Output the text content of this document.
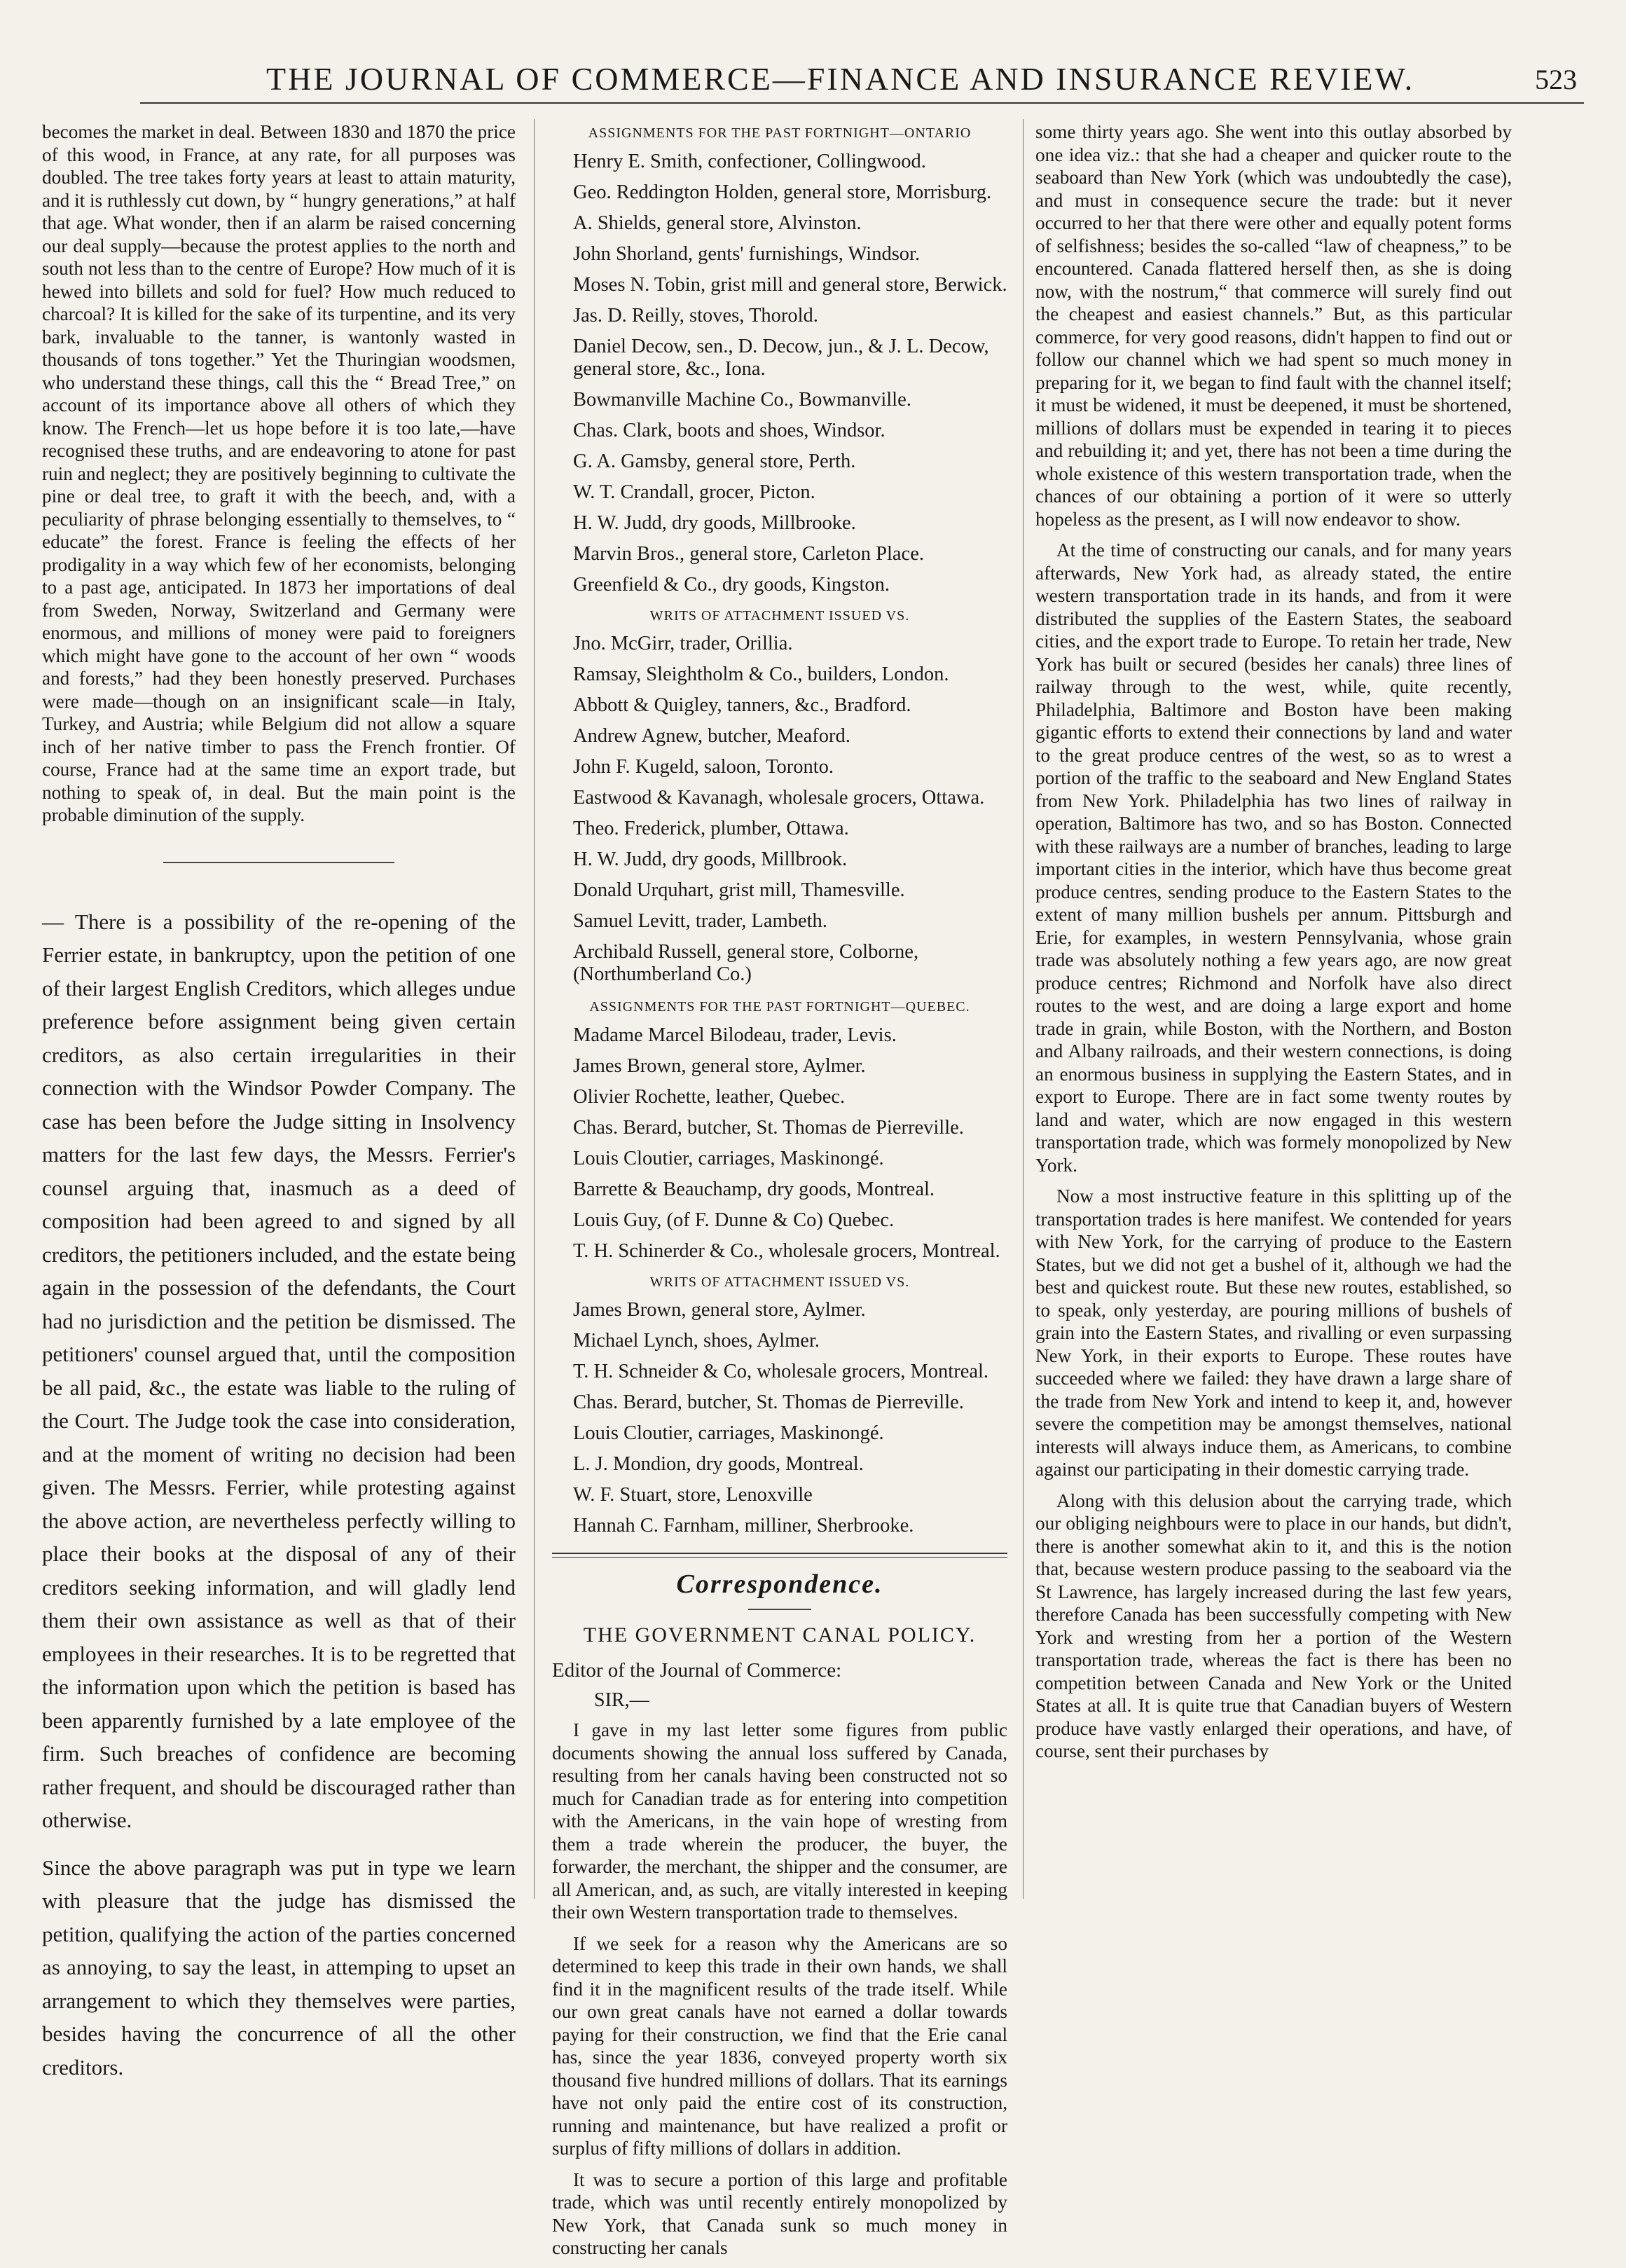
THE JOURNAL OF COMMERCE—FINANCE AND INSURANCE REVIEW.	523

becomes the market in deal. Between 1830 and 1870 the price of this wood, in France, at any rate, for all purposes was doubled. The tree takes forty years at least to attain maturity, and it is ruthlessly cut down, by “ hungry generations,” at half that age. What wonder, then if an alarm be raised concerning our deal supply—because the protest applies to the north and south not less than to the centre of Europe? How much of it is hewed into billets and sold for fuel? How much reduced to charcoal? It is killed for the sake of its turpentine, and its very bark, invaluable to the tanner, is wantonly wasted in thousands of tons together.” Yet the Thuringian woodsmen, who understand these things, call this the “ Bread Tree,” on account of its importance above all others of which they know. The French—let us hope before it is too late,—have recognised these truths, and are endeavoring to atone for past ruin and neglect; they are positively beginning to cultivate the pine or deal tree, to graft it with the beech, and, with a peculiarity of phrase belonging essentially to themselves, to “ educate” the forest. France is feeling the effects of her prodigality in a way which few of her economists, belonging to a past age, anticipated. In 1873 her importations of deal from Sweden, Norway, Switzerland and Germany were enormous, and millions of money were paid to foreigners which might have gone to the account of her own “ woods and forests,” had they been honestly preserved. Purchases were made—though on an insignificant scale—in Italy, Turkey, and Austria; while Belgium did not allow a square inch of her native timber to pass the French frontier. Of course, France had at the same time an export trade, but nothing to speak of, in deal. But the main point is the probable diminution of the supply.

— There is a possibility of the re-opening of the Ferrier estate, in bankruptcy, upon the petition of one of their largest English Creditors, which alleges undue preference before assignment being given certain creditors, as also certain irregularities in their connection with the Windsor Powder Company. The case has been before the Judge sitting in Insolvency matters for the last few days, the Messrs. Ferrier's counsel arguing that, inasmuch as a deed of composition had been agreed to and signed by all creditors, the petitioners included, and the estate being again in the possession of the defendants, the Court had no jurisdiction and the petition be dismissed. The petitioners' counsel argued that, until the composition be all paid, &c., the estate was liable to the ruling of the Court. The Judge took the case into consideration, and at the moment of writing no decision had been given. The Messrs. Ferrier, while protesting against the above action, are nevertheless perfectly willing to place their books at the disposal of any of their creditors seeking information, and will gladly lend them their own assistance as well as that of their employees in their researches. It is to be regretted that the information upon which the petition is based has been apparently furnished by a late employee of the firm. Such breaches of confidence are becoming rather frequent, and should be discouraged rather than otherwise.

Since the above paragraph was put in type we learn with pleasure that the judge has dismissed the petition, qualifying the action of the parties concerned as annoying, to say the least, in attemping to upset an arrangement to which they themselves were parties, besides having the concurrence of all the other creditors.

ASSIGNMENTS FOR THE PAST FORTNIGHT—ONTARIO

Henry E. Smith, confectioner, Collingwood.

Geo. Reddington Holden, general store, Morrisburg.

A. Shields, general store, Alvinston.

John Shorland, gents' furnishings, Windsor.

Moses N. Tobin, grist mill and general store, Berwick.

Jas. D. Reilly, stoves, Thorold.

Daniel Decow, sen., D. Decow, jun., & J. L. Decow, general store, &c., Iona.

Bowmanville Machine Co., Bowmanville.

Chas. Clark, boots and shoes, Windsor.

G. A. Gamsby, general store, Perth.

W. T. Crandall, grocer, Picton.

H. W. Judd, dry goods, Millbrooke.

Marvin Bros., general store, Carleton Place.

Greenfield & Co., dry goods, Kingston.

WRITS OF ATTACHMENT ISSUED VS.

Jno. McGirr, trader, Orillia.

Ramsay, Sleightholm & Co., builders, London.

Abbott & Quigley, tanners, &c., Bradford.

Andrew Agnew, butcher, Meaford.

John F. Kugeld, saloon, Toronto.

Eastwood & Kavanagh, wholesale grocers, Ottawa.

Theo. Frederick, plumber, Ottawa.

H. W. Judd, dry goods, Millbrook.

Donald Urquhart, grist mill, Thamesville.

Samuel Levitt, trader, Lambeth.

Archibald Russell, general store, Colborne, (Northumberland Co.)

ASSIGNMENTS FOR THE PAST FORTNIGHT—QUEBEC.

Madame Marcel Bilodeau, trader, Levis.

James Brown, general store, Aylmer.

Olivier Rochette, leather, Quebec.

Chas. Berard, butcher, St. Thomas de Pierreville.

Louis Cloutier, carriages, Maskinongé.

Barrette & Beauchamp, dry goods, Montreal.

Louis Guy, (of F. Dunne & Co) Quebec.

T. H. Schinerder & Co., wholesale grocers, Montreal.

WRITS OF ATTACHMENT ISSUED VS.

James Brown, general store, Aylmer.

Michael Lynch, shoes, Aylmer.

T. H. Schneider & Co, wholesale grocers, Montreal.

Chas. Berard, butcher, St. Thomas de Pierreville.

Louis Cloutier, carriages, Maskinongé.

L. J. Mondion, dry goods, Montreal.

W. F. Stuart, store, Lenoxville

Hannah C. Farnham, milliner, Sherbrooke.

Correspondence.
THE GOVERNMENT CANAL POLICY.
Editor of the Journal of Commerce:
SIR,—

I gave in my last letter some figures from public documents showing the annual loss suffered by Canada, resulting from her canals having been constructed not so much for Canadian trade as for entering into competition with the Americans, in the vain hope of wresting from them a trade wherein the producer, the buyer, the forwarder, the merchant, the shipper and the consumer, are all American, and, as such, are vitally interested in keeping their own Western transportation trade to themselves.

If we seek for a reason why the Americans are so determined to keep this trade in their own hands, we shall find it in the magnificent results of the trade itself. While our own great canals have not earned a dollar towards paying for their construction, we find that the Erie canal has, since the year 1836, conveyed property worth six thousand five hundred millions of dollars. That its earnings have not only paid the entire cost of its construction, running and maintenance, but have realized a profit or surplus of fifty millions of dollars in addition.

It was to secure a portion of this large and profitable trade, which was until recently entirely monopolized by New York, that Canada sunk so much money in constructing her canals

some thirty years ago. She went into this outlay absorbed by one idea viz.: that she had a cheaper and quicker route to the seaboard than New York (which was undoubtedly the case), and must in consequence secure the trade: but it never occurred to her that there were other and equally potent forms of selfishness; besides the so-called “law of cheapness,” to be encountered. Canada flattered herself then, as she is doing now, with the nostrum,“ that commerce will surely find out the cheapest and easiest channels.” But, as this particular commerce, for very good reasons, didn't happen to find out or follow our channel which we had spent so much money in preparing for it, we began to find fault with the channel itself; it must be widened, it must be deepened, it must be shortened, millions of dollars must be expended in tearing it to pieces and rebuilding it; and yet, there has not been a time during the whole existence of this western transportation trade, when the chances of our obtaining a portion of it were so utterly hopeless as the present, as I will now endeavor to show.

At the time of constructing our canals, and for many years afterwards, New York had, as already stated, the entire western transportation trade in its hands, and from it were distributed the supplies of the Eastern States, the seaboard cities, and the export trade to Europe. To retain her trade, New York has built or secured (besides her canals) three lines of railway through to the west, while, quite recently, Philadelphia, Baltimore and Boston have been making gigantic efforts to extend their connections by land and water to the great produce centres of the west, so as to wrest a portion of the traffic to the seaboard and New England States from New York. Philadelphia has two lines of railway in operation, Baltimore has two, and so has Boston. Connected with these railways are a number of branches, leading to large important cities in the interior, which have thus become great produce centres, sending produce to the Eastern States to the extent of many million bushels per annum. Pittsburgh and Erie, for examples, in western Pennsylvania, whose grain trade was absolutely nothing a few years ago, are now great produce centres; Richmond and Norfolk have also direct routes to the west, and are doing a large export and home trade in grain, while Boston, with the Northern, and Boston and Albany railroads, and their western connections, is doing an enormous business in supplying the Eastern States, and in export to Europe. There are in fact some twenty routes by land and water, which are now engaged in this western transportation trade, which was formely monopolized by New York.

Now a most instructive feature in this splitting up of the transportation trades is here manifest. We contended for years with New York, for the carrying of produce to the Eastern States, but we did not get a bushel of it, although we had the best and quickest route. But these new routes, established, so to speak, only yesterday, are pouring millions of bushels of grain into the Eastern States, and rivalling or even surpassing New York, in their exports to Europe. These routes have succeeded where we failed: they have drawn a large share of the trade from New York and intend to keep it, and, however severe the competition may be amongst themselves, national interests will always induce them, as Americans, to combine against our participating in their domestic carrying trade.

Along with this delusion about the carrying trade, which our obliging neighbours were to place in our hands, but didn't, there is another somewhat akin to it, and this is the notion that, because western produce passing to the seaboard via the St Lawrence, has largely increased during the last few years, therefore Canada has been successfully competing with New York and wresting from her a portion of the Western transportation trade, whereas the fact is there has been no competition between Canada and New York or the United States at all. It is quite true that Canadian buyers of Western produce have vastly enlarged their operations, and have, of course, sent their purchases by
